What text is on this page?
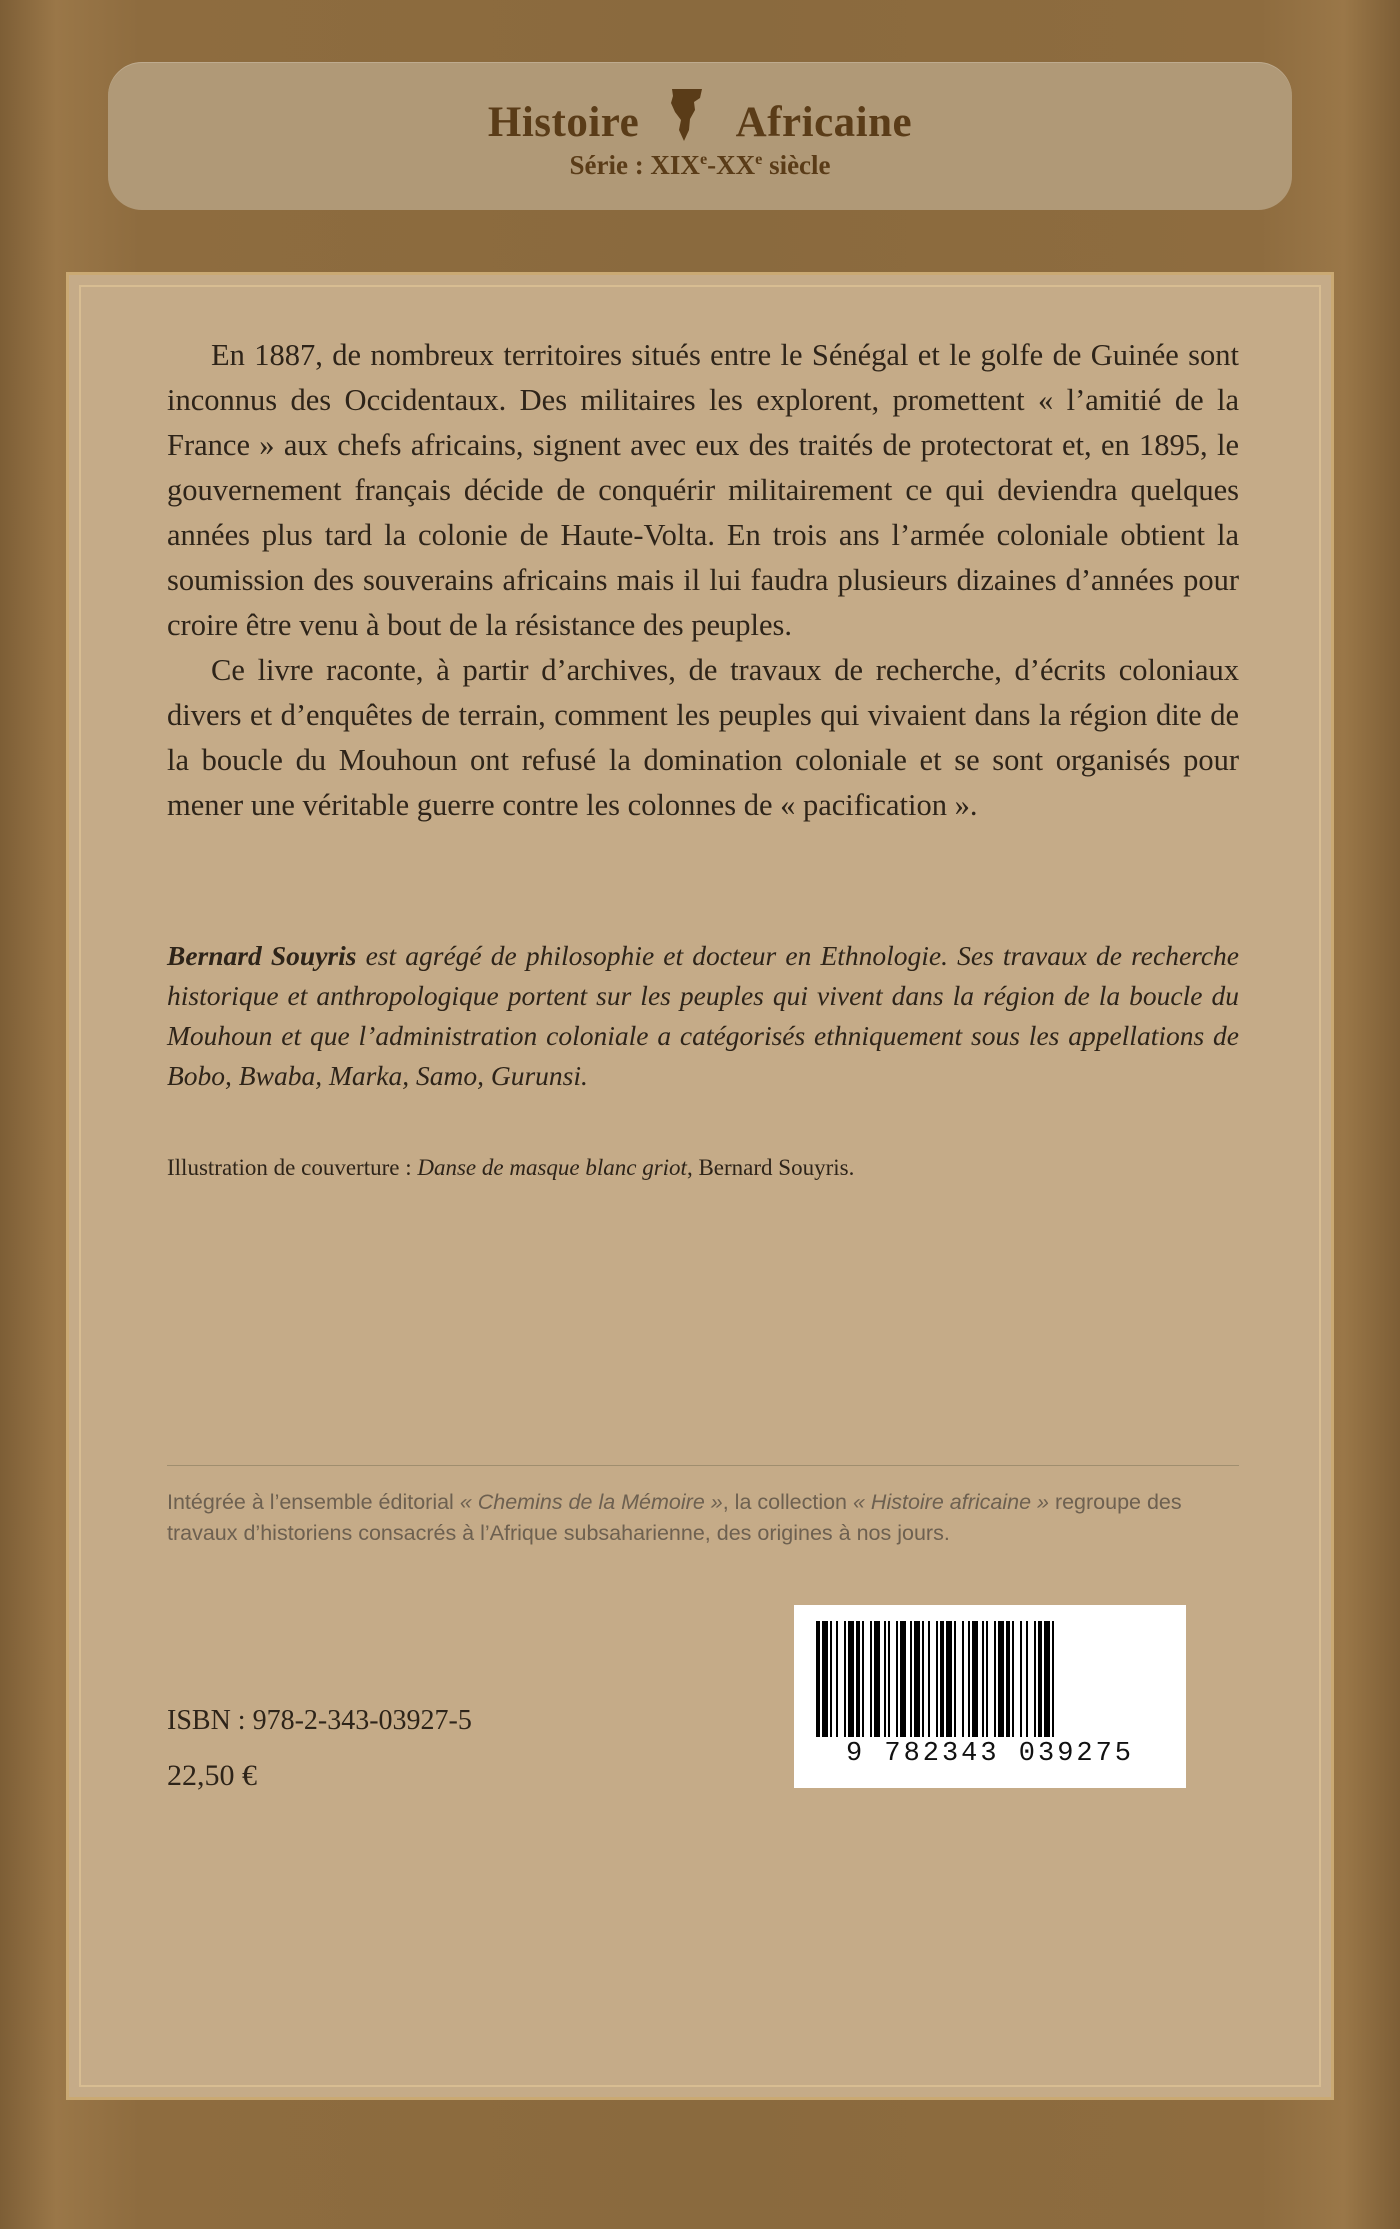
Histoire Africaine
Série : XIXe-XXe siècle

En 1887, de nombreux territoires situés entre le Sénégal et le golfe de Guinée sont inconnus des Occidentaux. Des militaires les explorent, promettent « l’amitié de la France » aux chefs africains, signent avec eux des traités de protectorat et, en 1895, le gouvernement français décide de conquérir militairement ce qui deviendra quelques années plus tard la colonie de Haute-Volta. En trois ans l’armée coloniale obtient la soumission des souverains africains mais il lui faudra plusieurs dizaines d’années pour croire être venu à bout de la résistance des peuples.

Ce livre raconte, à partir d’archives, de travaux de recherche, d’écrits coloniaux divers et d’enquêtes de terrain, comment les peuples qui vivaient dans la région dite de la boucle du Mouhoun ont refusé la domination coloniale et se sont organisés pour mener une véritable guerre contre les colonnes de « pacification ».

Bernard Souyris est agrégé de philosophie et docteur en Ethnologie. Ses travaux de recherche historique et anthropologique portent sur les peuples qui vivent dans la région de la boucle du Mouhoun et que l’administration coloniale a catégorisés ethniquement sous les appellations de Bobo, Bwaba, Marka, Samo, Gurunsi.
Illustration de couverture : Danse de masque blanc griot, Bernard Souyris.
Intégrée à l’ensemble éditorial « Chemins de la Mémoire », la collection « Histoire africaine » regroupe des travaux d’historiens consacrés à l’Afrique subsaharienne, des origines à nos jours.
9 782343 039275
ISBN : 978-2-343-03927-5
22,50 €
